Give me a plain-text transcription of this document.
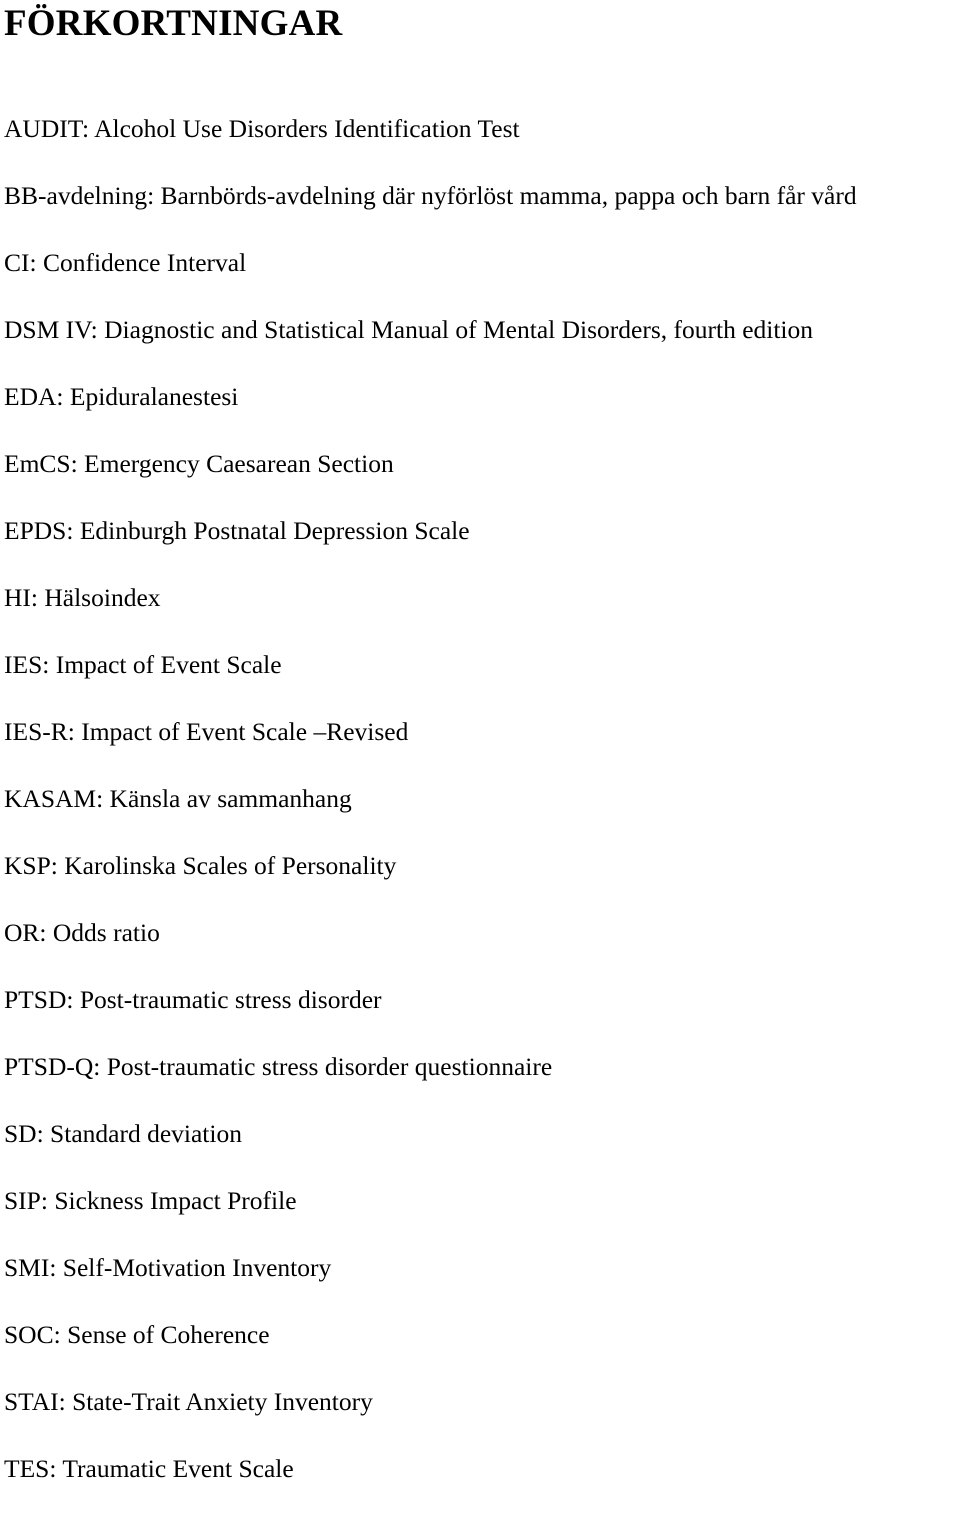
FÖRKORTNINGAR
AUDIT: Alcohol Use Disorders Identification Test
BB-avdelning: Barnbörds-avdelning där nyförlöst mamma, pappa och barn får vård
CI: Confidence Interval
DSM IV: Diagnostic and Statistical Manual of Mental Disorders, fourth edition
EDA: Epiduralanestesi
EmCS: Emergency Caesarean Section
EPDS: Edinburgh Postnatal Depression Scale
HI: Hälsoindex
IES: Impact of Event Scale
IES-R: Impact of Event Scale –Revised
KASAM: Känsla av sammanhang
KSP: Karolinska Scales of Personality
OR: Odds ratio
PTSD: Post-traumatic stress disorder
PTSD-Q: Post-traumatic stress disorder questionnaire
SD: Standard deviation
SIP: Sickness Impact Profile
SMI: Self-Motivation Inventory
SOC: Sense of Coherence
STAI: State-Trait Anxiety Inventory
TES: Traumatic Event Scale
